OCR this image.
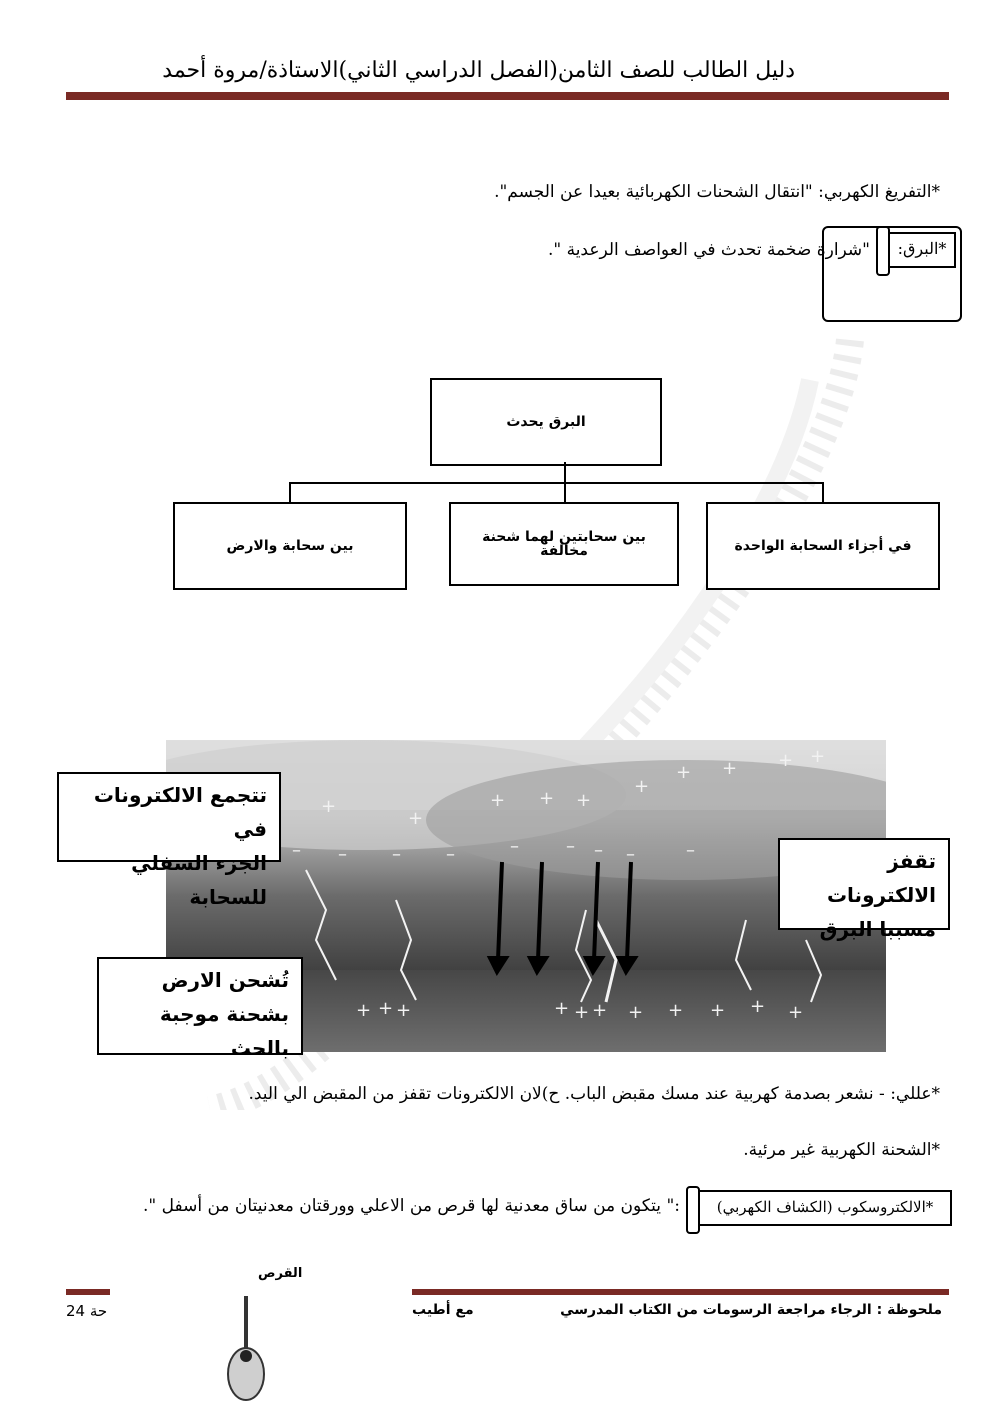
دليل الطالب للصف الثامن(الفصل الدراسي الثاني)الاستاذة/مروة أحمد
*التفريغ الكهربي: "انتقال الشحنات الكهربائية بعيدا عن الجسم".
*البرق:
"شرارة ضخمة تحدث في العواصف الرعدية ".
البرق يحدث
في أجزاء السحابة الواحدة
بين سحابتين لهما شحنة مخالفة
بين سحابة والارض
+
+
+ + +
+
+ + + +
– –	–	–	–	– – –	–
+ + +	+ + + + + + + +
تتجمع الالكترونات في
الجزء السفلي للسحابة
تقفز الالكترونات
مسببا البرق
تُشحن الارض
بشحنة موجبة بالحث
*عللي: - نشعر بصدمة كهربية عند مسك مقبض الباب. ح)لان الالكترونات تقفز من المقبض الي اليد.
*الشحنة الكهربية غير مرئية.
*الالكتروسكوب (الكشاف الكهربي)
:" يتكون من ساق معدنية لها قرص من الاعلي وورقتان معدنيتان من أسفل ".
القرص
ملحوظة : الرجاء مراجعة الرسومات من الكتاب المدرسي
مع أطيب
حة 24
